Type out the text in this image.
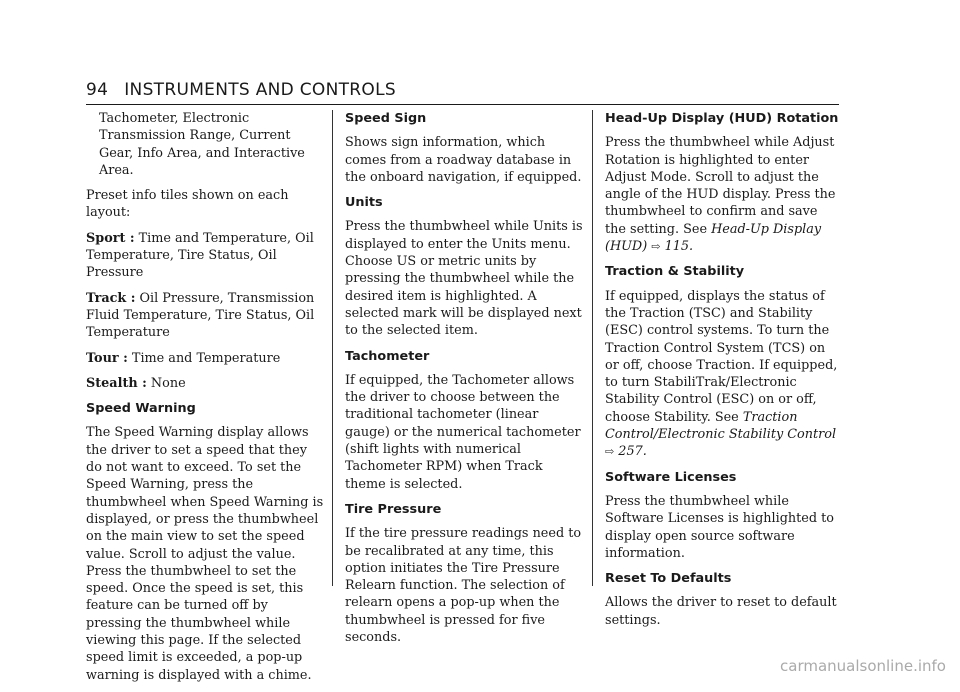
94 INSTRUMENTS AND CONTROLS

Tachometer, Electronic Transmission Range, Current Gear, Info Area, and Interactive Area.

Preset info tiles shown on each layout:

Sport : Time and Temperature, Oil Temperature, Tire Status, Oil Pressure

Track : Oil Pressure, Transmission Fluid Temperature, Tire Status, Oil Temperature

Tour : Time and Temperature

Stealth : None

Speed Warning

The Speed Warning display allows the driver to set a speed that they do not want to exceed. To set the Speed Warning, press the thumbwheel when Speed Warning is displayed, or press the thumbwheel on the main view to set the speed value. Scroll to adjust the value. Press the thumbwheel to set the speed. Once the speed is set, this feature can be turned off by pressing the thumbwheel while viewing this page. If the selected speed limit is exceeded, a pop-up warning is displayed with a chime.

Speed Sign

Shows sign information, which comes from a roadway database in the onboard navigation, if equipped.

Units

Press the thumbwheel while Units is displayed to enter the Units menu. Choose US or metric units by pressing the thumbwheel while the desired item is highlighted. A selected mark will be displayed next to the selected item.

Tachometer

If equipped, the Tachometer allows the driver to choose between the traditional tachometer (linear gauge) or the numerical tachometer (shift lights with numerical Tachometer RPM) when Track theme is selected.

Tire Pressure

If the tire pressure readings need to be recalibrated at any time, this option initiates the Tire Pressure Relearn function. The selection of relearn opens a pop-up when the thumbwheel is pressed for five seconds.

Head-Up Display (HUD) Rotation

Press the thumbwheel while Adjust Rotation is highlighted to enter Adjust Mode. Scroll to adjust the angle of the HUD display. Press the thumbwheel to confirm and save the setting. See Head-Up Display (HUD) ⇨ 115.

Traction & Stability

If equipped, displays the status of the Traction (TSC) and Stability (ESC) control systems. To turn the Traction Control System (TCS) on or off, choose Traction. If equipped, to turn StabiliTrak/Electronic Stability Control (ESC) on or off, choose Stability. See Traction Control/Electronic Stability Control ⇨ 257.

Software Licenses

Press the thumbwheel while Software Licenses is highlighted to display open source software information.

Reset To Defaults

Allows the driver to reset to default settings.

carmanualsonline.info
